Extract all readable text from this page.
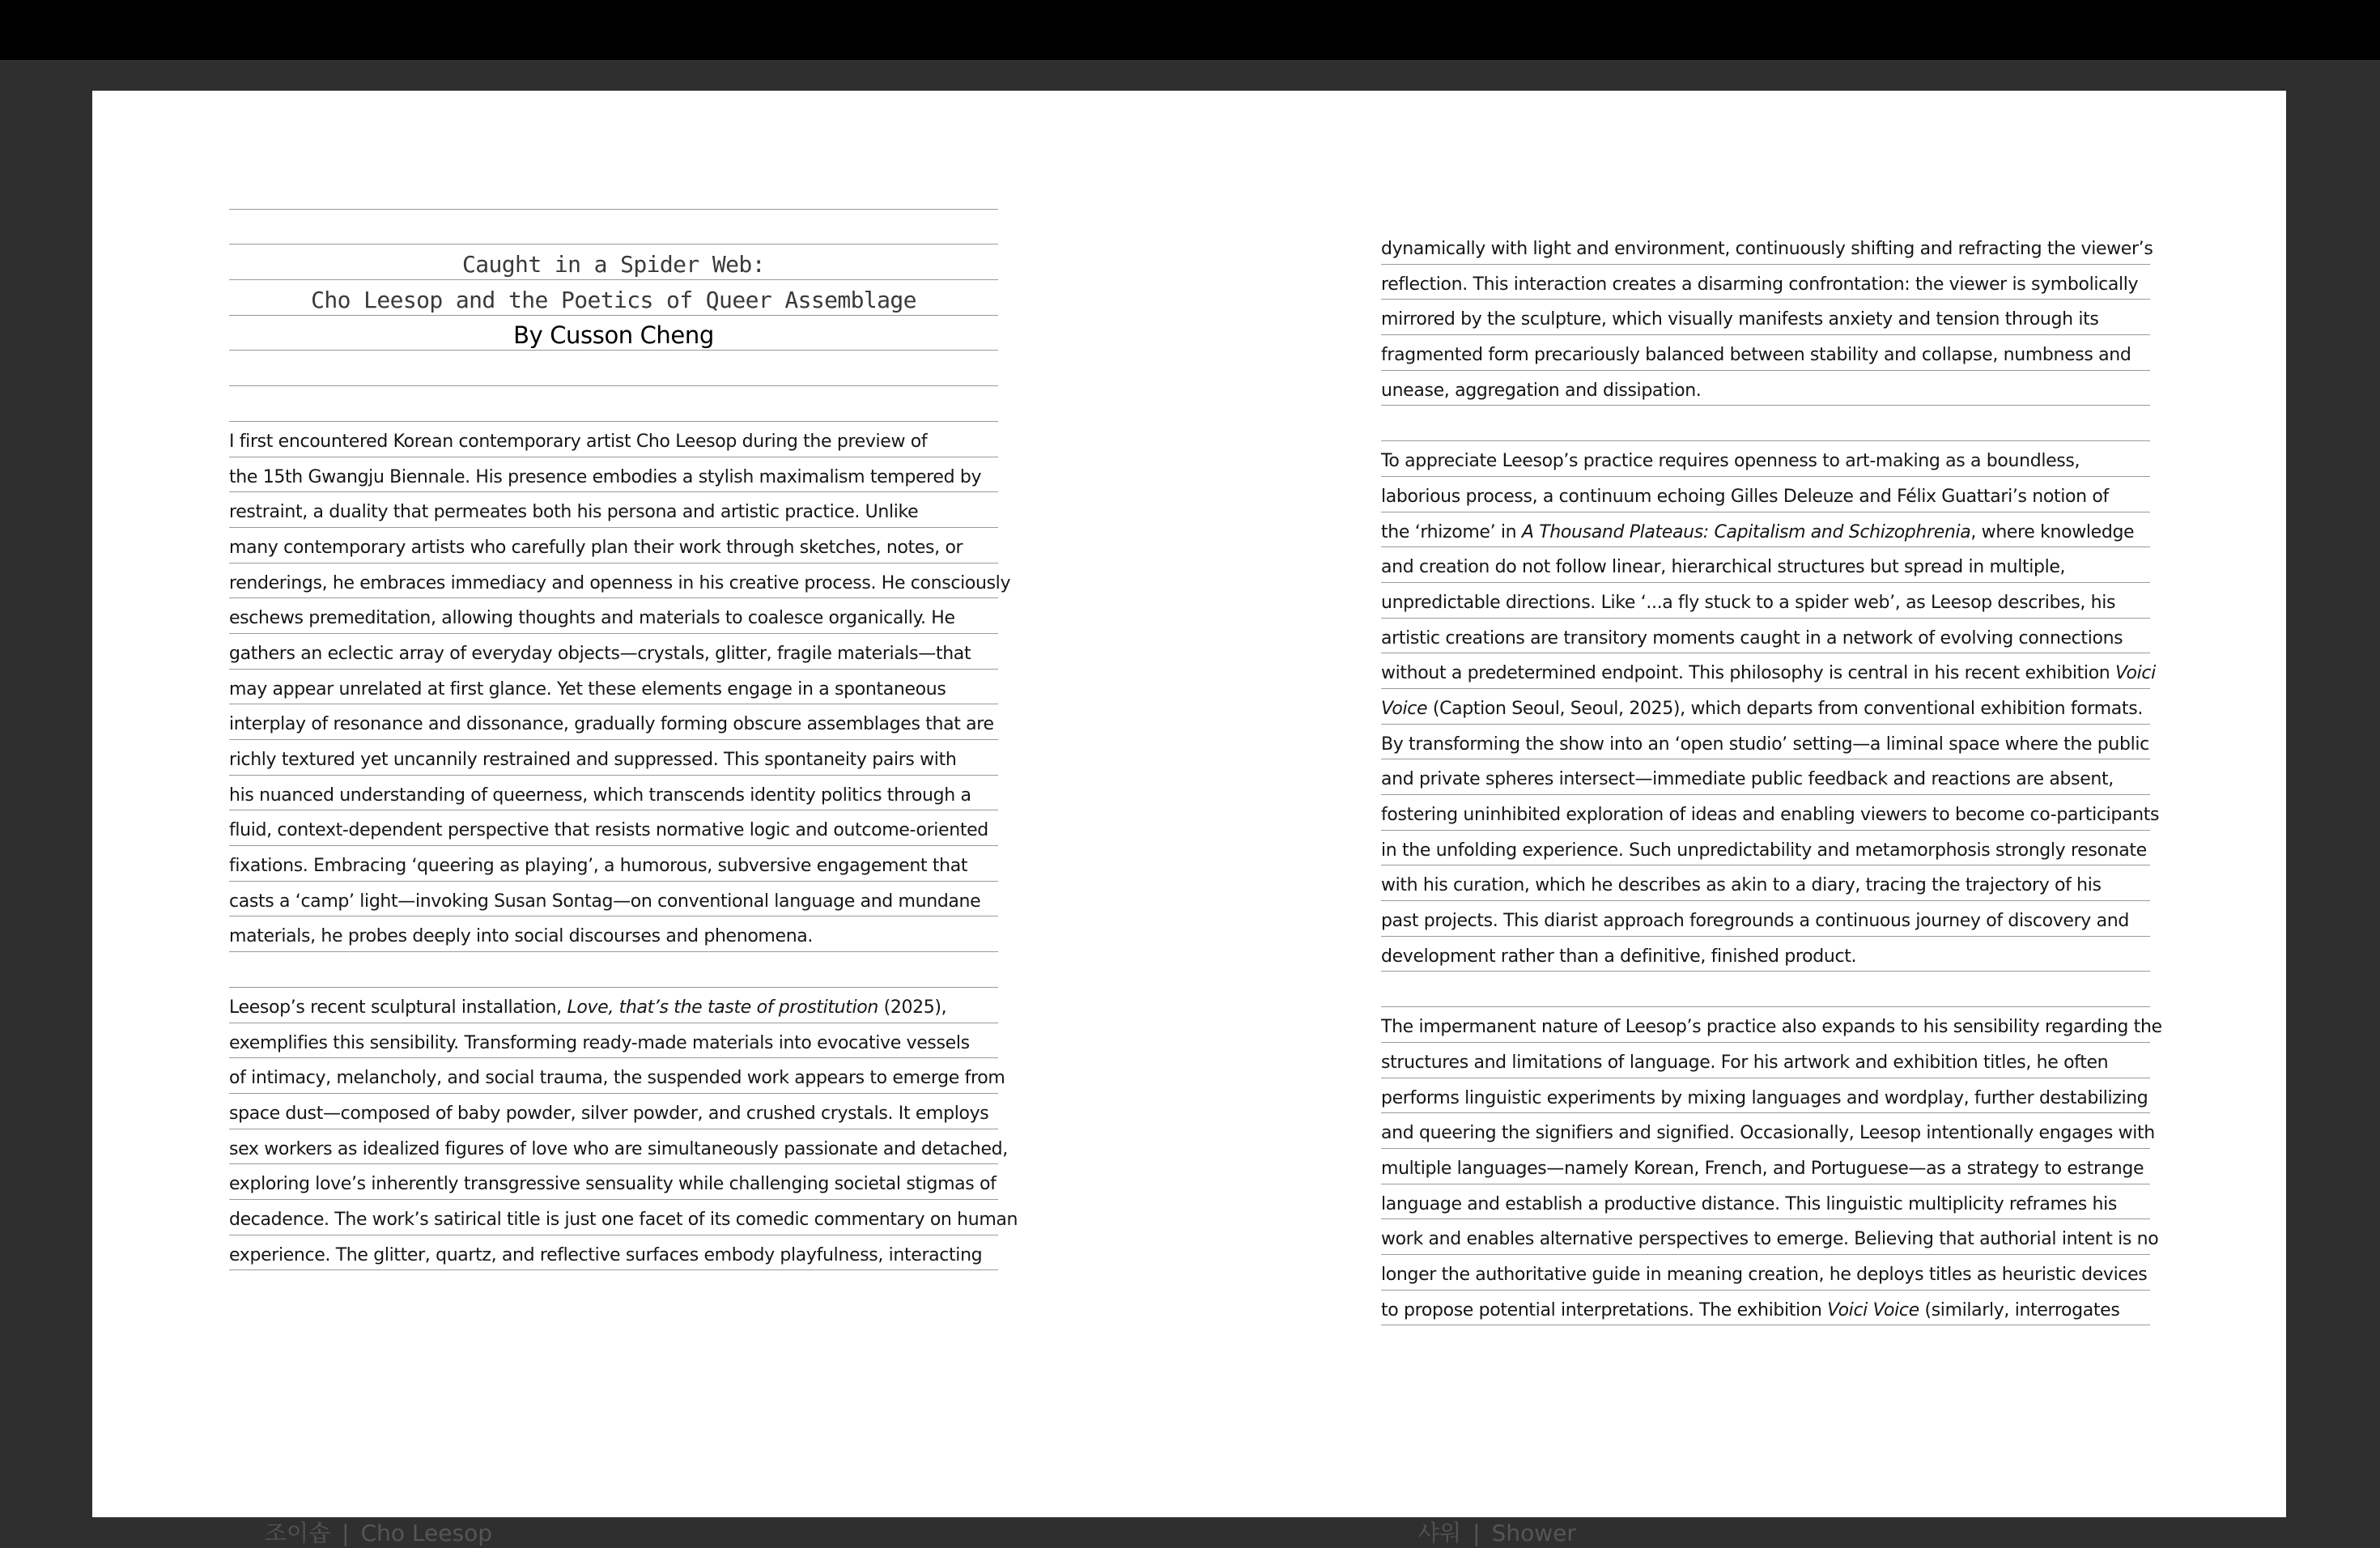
Caught in a Spider Web:
Cho Leesop and the Poetics of Queer Assemblage
By Cusson Cheng
I first encountered Korean contemporary artist Cho Leesop during the preview of
the 15th Gwangju Biennale. His presence embodies a stylish maximalism tempered by
restraint, a duality that permeates both his persona and artistic practice. Unlike
many contemporary artists who carefully plan their work through sketches, notes, or
renderings, he embraces immediacy and openness in his creative process. He consciously
eschews premeditation, allowing thoughts and materials to coalesce organically. He
gathers an eclectic array of everyday objects—crystals, glitter, fragile materials—that
may appear unrelated at first glance. Yet these elements engage in a spontaneous
interplay of resonance and dissonance, gradually forming obscure assemblages that are
richly textured yet uncannily restrained and suppressed. This spontaneity pairs with
his nuanced understanding of queerness, which transcends identity politics through a
fluid, context-dependent perspective that resists normative logic and outcome-oriented
fixations. Embracing ‘queering as playing’, a humorous, subversive engagement that
casts a ‘camp’ light—invoking Susan Sontag—on conventional language and mundane
materials, he probes deeply into social discourses and phenomena.
Leesop’s recent sculptural installation, Love, that’s the taste of prostitution (2025),
exemplifies this sensibility. Transforming ready-made materials into evocative vessels
of intimacy, melancholy, and social trauma, the suspended work appears to emerge from
space dust—composed of baby powder, silver powder, and crushed crystals. It employs
sex workers as idealized figures of love who are simultaneously passionate and detached,
exploring love’s inherently transgressive sensuality while challenging societal stigmas of
decadence. The work’s satirical title is just one facet of its comedic commentary on human
experience. The glitter, quartz, and reflective surfaces embody playfulness, interacting
dynamically with light and environment, continuously shifting and refracting the viewer’s
reflection. This interaction creates a disarming confrontation: the viewer is symbolically
mirrored by the sculpture, which visually manifests anxiety and tension through its
fragmented form precariously balanced between stability and collapse, numbness and
unease, aggregation and dissipation.
To appreciate Leesop’s practice requires openness to art-making as a boundless,
laborious process, a continuum echoing Gilles Deleuze and Félix Guattari’s notion of
the ‘rhizome’ in A Thousand Plateaus: Capitalism and Schizophrenia, where knowledge
and creation do not follow linear, hierarchical structures but spread in multiple,
unpredictable directions. Like ‘...a fly stuck to a spider web’, as Leesop describes, his
artistic creations are transitory moments caught in a network of evolving connections
without a predetermined endpoint. This philosophy is central in his recent exhibition Voici
Voice (Caption Seoul, Seoul, 2025), which departs from conventional exhibition formats.
By transforming the show into an ‘open studio’ setting—a liminal space where the public
and private spheres intersect—immediate public feedback and reactions are absent,
fostering uninhibited exploration of ideas and enabling viewers to become co-participants
in the unfolding experience. Such unpredictability and metamorphosis strongly resonate
with his curation, which he describes as akin to a diary, tracing the trajectory of his
past projects. This diarist approach foregrounds a continuous journey of discovery and
development rather than a definitive, finished product.
The impermanent nature of Leesop’s practice also expands to his sensibility regarding the
structures and limitations of language. For his artwork and exhibition titles, he often
performs linguistic experiments by mixing languages and wordplay, further destabilizing
and queering the signifiers and signified. Occasionally, Leesop intentionally engages with
multiple languages—namely Korean, French, and Portuguese—as a strategy to estrange
language and establish a productive distance. This linguistic multiplicity reframes his
work and enables alternative perspectives to emerge. Believing that authorial intent is no
longer the authoritative guide in meaning creation, he deploys titles as heuristic devices
to propose potential interpretations. The exhibition Voici Voice (similarly, interrogates
조이솝 | Cho Leesop	샤워 | Shower
